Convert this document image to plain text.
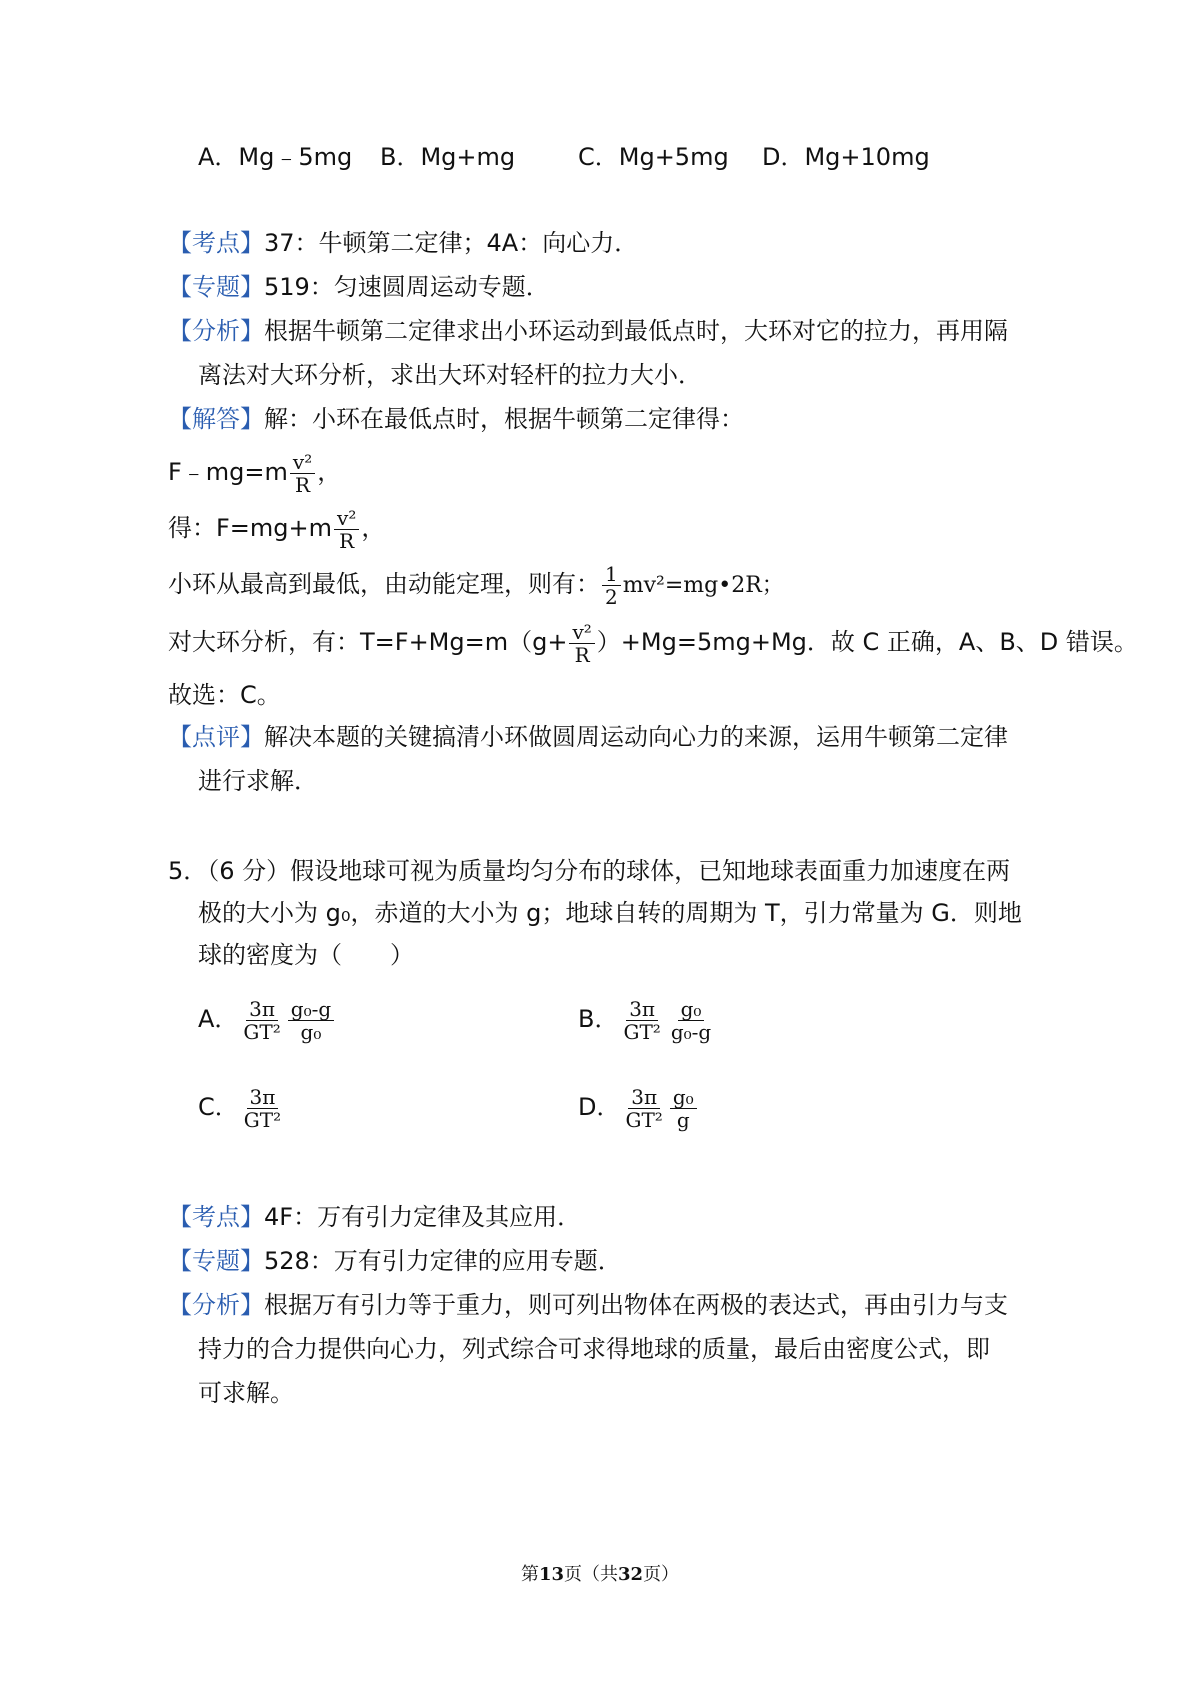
A．Mg﹣5mg B．Mg+mg	C．Mg+5mg D．Mg+10mg
【考点】37：牛顿第二定律；4A：向心力．
【专题】519：匀速圆周运动专题．
【分析】根据牛顿第二定律求出小环运动到最低点时，大环对它的拉力，再用隔
离法对大环分析，求出大环对轻杆的拉力大小．
【解答】解：小环在最低点时，根据牛顿第二定律得：
F﹣mg=m $\frac{\text{v²}}{R}$ ，
得：$F=mg+m \frac{\text{v²}}{R}$ ，
小环从最高到最低，由动能定理，则有： $\frac{1}{2}$ mv²=mg•2R；
对大环分析，有：$T=F+Mg=m(g+ \frac{\text{v²}}{R} )+Mg=5mg+Mg$．故 C 正确，A、B、D 错误。
故选：C。
【点评】解决本题的关键搞清小环做圆周运动向心力的来源，运用牛顿第二定律
进行求解．
5．（6 分）假设地球可视为质量均匀分布的球体，已知地球表面重力加速度在两
极的大小为 g₀，赤道的大小为 g；地球自转的周期为 T，引力常量为 G．则地
球的密度为（　　）
A． $\frac{3\pi}{\text{GT²}} \frac{\text{g₀-g}}{\text{g₀}}$	B． $\frac{3\pi}{\text{GT²}} \frac{\text{g₀}}{\text{g₀-g}}$
C． $\frac{3\pi}{\text{GT²}}$	D． $\frac{3\pi}{\text{GT²}} \frac{\text{g₀}}{g}$
【考点】4F：万有引力定律及其应用．
【专题】528：万有引力定律的应用专题．
【分析】根据万有引力等于重力，则可列出物体在两极的表达式，再由引力与支
持力的合力提供向心力，列式综合可求得地球的质量，最后由密度公式，即
可求解。
第13页（共32页）
